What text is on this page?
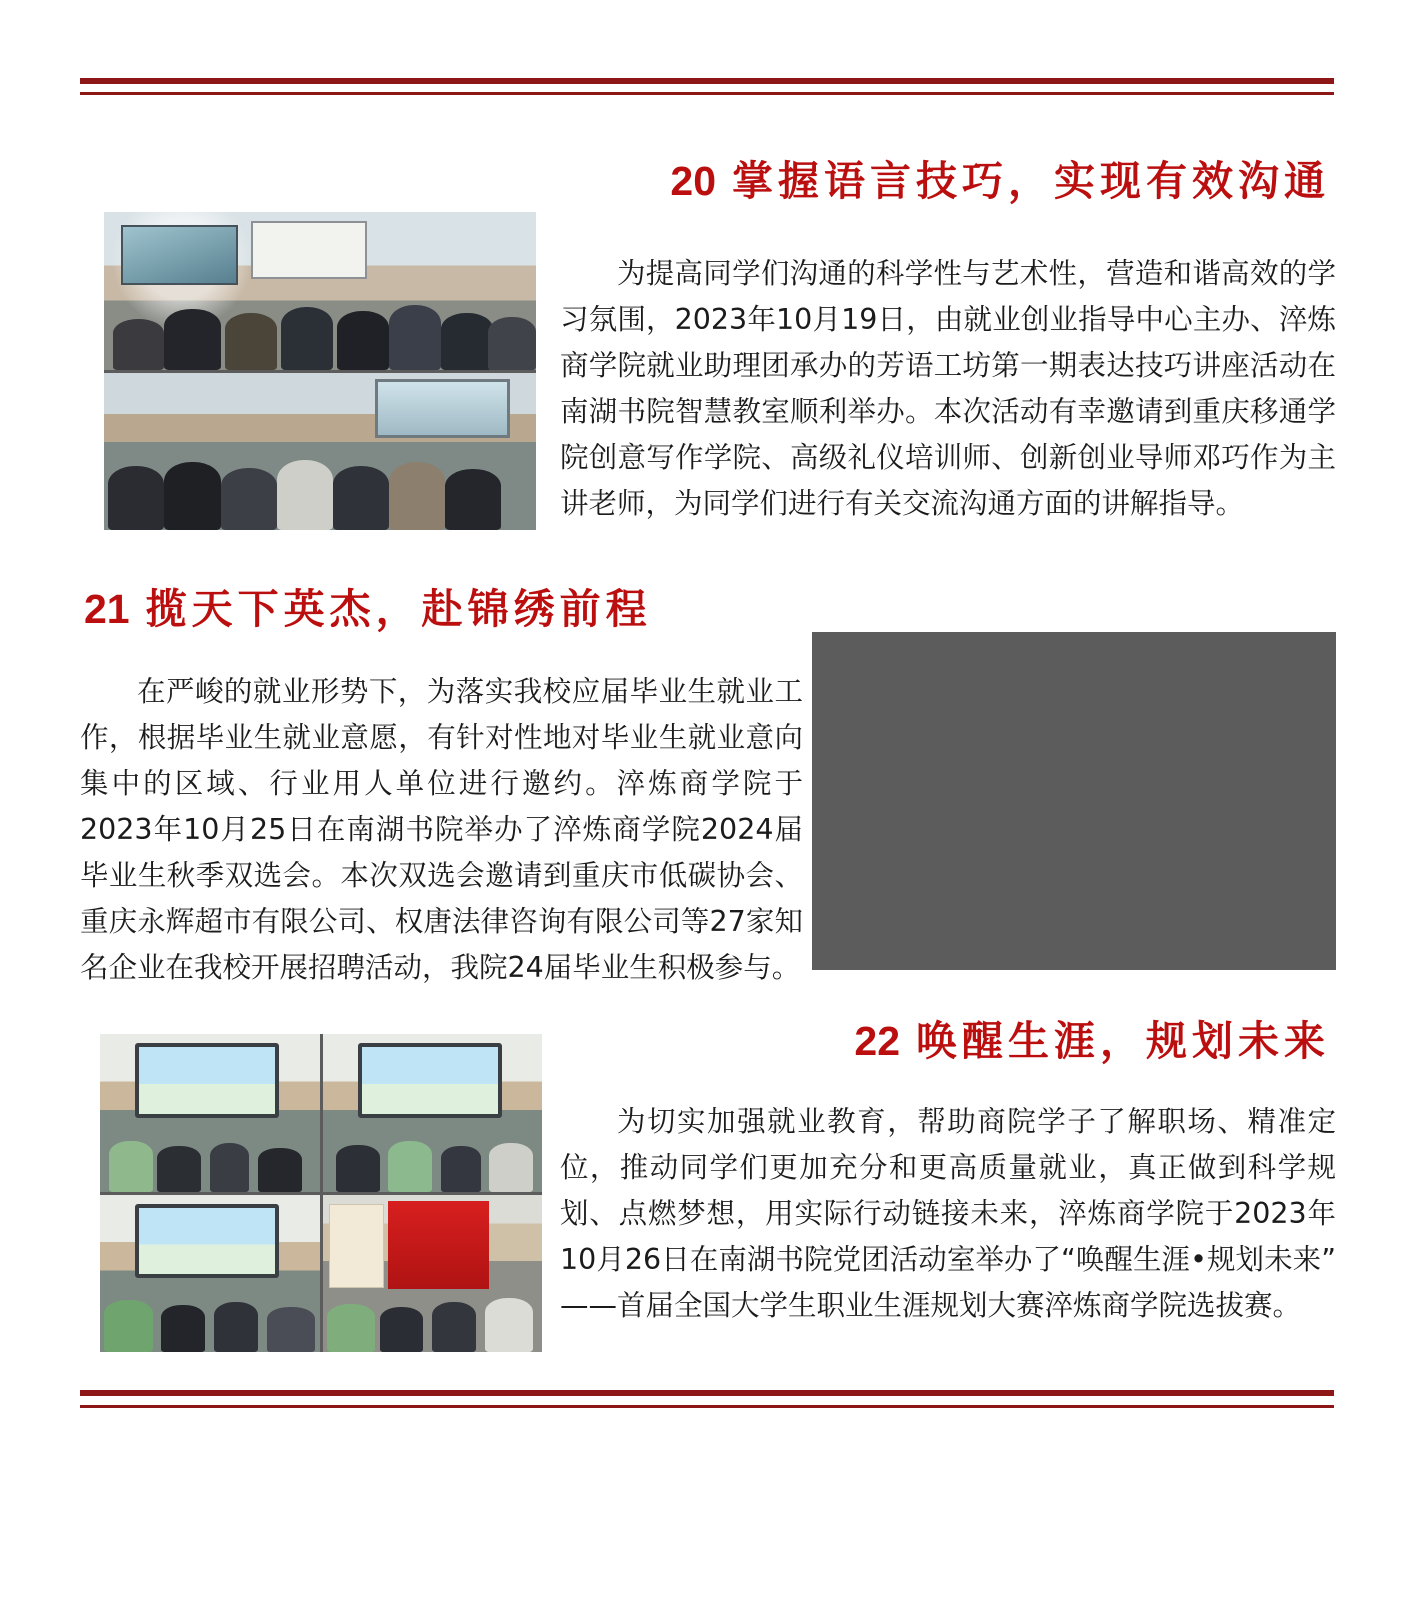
20 掌握语言技巧，实现有效沟通

为提高同学们沟通的科学性与艺术性，营造和谐高效的学习氛围，2023年10月19日，由就业创业指导中心主办、淬炼商学院就业助理团承办的芳语工坊第一期表达技巧讲座活动在南湖书院智慧教室顺利举办。本次活动有幸邀请到重庆移通学院创意写作学院、高级礼仪培训师、创新创业导师邓巧作为主讲老师，为同学们进行有关交流沟通方面的讲解指导。

21 揽天下英杰，赴锦绣前程

在严峻的就业形势下，为落实我校应届毕业生就业工作，根据毕业生就业意愿，有针对性地对毕业生就业意向集中的区域、行业用人单位进行邀约。淬炼商学院于2023年10月25日在南湖书院举办了淬炼商学院2024届毕业生秋季双选会。本次双选会邀请到重庆市低碳协会、重庆永辉超市有限公司、权唐法律咨询有限公司等27家知名企业在我校开展招聘活动，我院24届毕业生积极参与。

22 唤醒生涯，规划未来

为切实加强就业教育，帮助商院学子了解职场、精准定位，推动同学们更加充分和更高质量就业，真正做到科学规划、点燃梦想，用实际行动链接未来，淬炼商学院于2023年10月26日在南湖书院党团活动室举办了“唤醒生涯•规划未来”——首届全国大学生职业生涯规划大赛淬炼商学院选拔赛。
